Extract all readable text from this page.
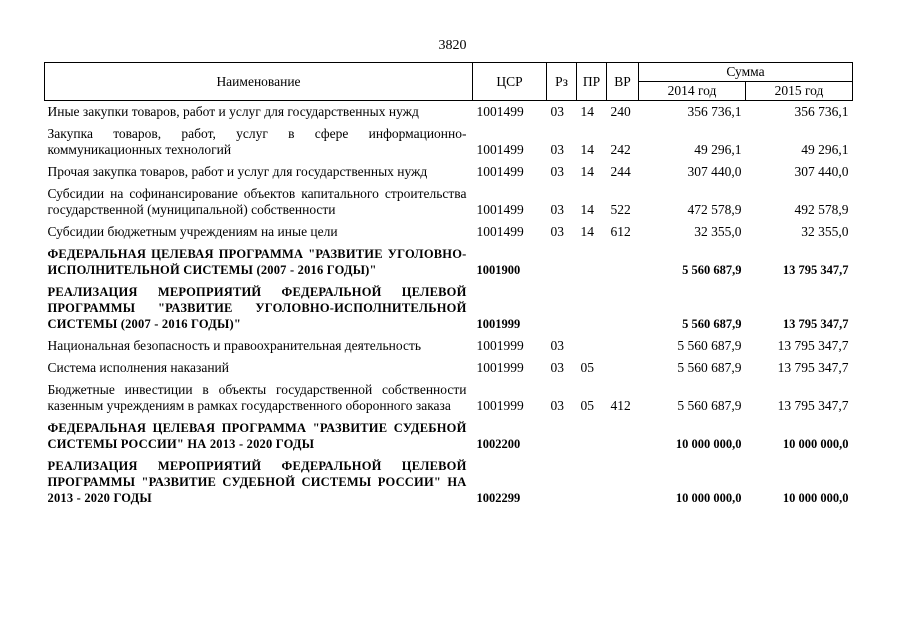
3820
Наименование	ЦСР	Рз	ПР	ВР	Сумма	
					2014 год	2015 год
Иные закупки товаров, работ и услуг для государственных нужд	1001499	03	14	240	356 736,1	356 736,1
Закупка товаров, работ, услуг в сфере информационно-коммуникационных технологий	1001499	03	14	242	49 296,1	49 296,1
Прочая закупка товаров, работ и услуг для государственных нужд	1001499	03	14	244	307 440,0	307 440,0
Субсидии на софинансирование объектов капитального строительства государственной (муниципальной) собственности	1001499	03	14	522	472 578,9	492 578,9
Субсидии бюджетным учреждениям на иные цели	1001499	03	14	612	32 355,0	32 355,0
ФЕДЕРАЛЬНАЯ ЦЕЛЕВАЯ ПРОГРАММА "РАЗВИТИЕ УГОЛОВНО-ИСПОЛНИТЕЛЬНОЙ СИСТЕМЫ (2007 - 2016 ГОДЫ)"	1001900				5 560 687,9	13 795 347,7
РЕАЛИЗАЦИЯ МЕРОПРИЯТИЙ ФЕДЕРАЛЬНОЙ ЦЕЛЕВОЙ ПРОГРАММЫ "РАЗВИТИЕ УГОЛОВНО-ИСПОЛНИТЕЛЬНОЙ СИСТЕМЫ (2007 - 2016 ГОДЫ)"	1001999				5 560 687,9	13 795 347,7
Национальная безопасность и правоохранительная деятельность	1001999	03			5 560 687,9	13 795 347,7
Система исполнения наказаний	1001999	03	05		5 560 687,9	13 795 347,7
Бюджетные инвестиции в объекты государственной собственности казенным учреждениям в рамках государственного оборонного заказа	1001999	03	05	412	5 560 687,9	13 795 347,7
ФЕДЕРАЛЬНАЯ ЦЕЛЕВАЯ ПРОГРАММА "РАЗВИТИЕ СУДЕБНОЙ СИСТЕМЫ РОССИИ" НА 2013 - 2020 ГОДЫ	1002200				10 000 000,0	10 000 000,0
РЕАЛИЗАЦИЯ МЕРОПРИЯТИЙ ФЕДЕРАЛЬНОЙ ЦЕЛЕВОЙ ПРОГРАММЫ "РАЗВИТИЕ СУДЕБНОЙ СИСТЕМЫ РОССИИ" НА 2013 - 2020 ГОДЫ	1002299				10 000 000,0	10 000 000,0
